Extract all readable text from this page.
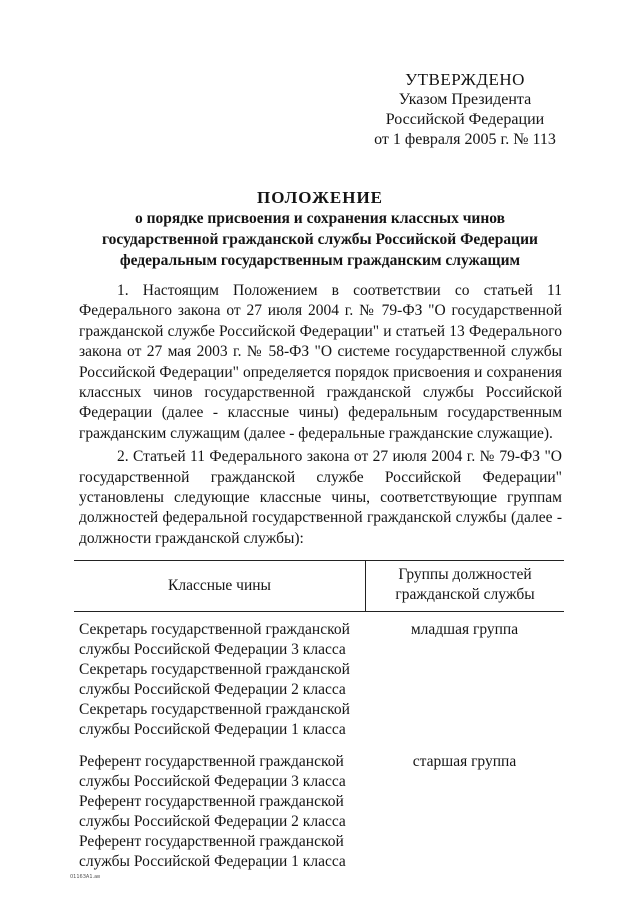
УТВЕРЖДЕНО
Указом Президента
Российской Федерации
от 1 февраля 2005 г. № 113
ПОЛОЖЕНИЕ
о порядке присвоения и сохранения классных чинов
государственной гражданской службы Российской Федерации
федеральным государственным гражданским служащим

1. Настоящим Положением в соответствии со статьей 11 Федерального закона от 27 июля 2004 г. № 79-ФЗ "О государственной гражданской службе Российской Федерации" и статьей 13 Федерального закона от 27 мая 2003 г. № 58-ФЗ "О системе государственной службы Российской Федерации" определяется порядок присвоения и сохранения классных чинов государственной гражданской службы Российской Федерации (далее - классные чины) федеральным государственным гражданским служащим (далее - федеральные гражданские служащие).

2. Статьей 11 Федерального закона от 27 июля 2004 г. № 79-ФЗ "О государственной гражданской службе Российской Федерации" установлены следующие классные чины, соответствующие группам должностей федеральной государственной гражданской службы (далее - должности гражданской службы):

Классные чины
Группы должностей
гражданской службы
Секретарь государственной гражданской
службы Российской Федерации 3 класса
Секретарь государственной гражданской
службы Российской Федерации 2 класса
Секретарь государственной гражданской
службы Российской Федерации 1 класса
младшая группа
Референт государственной гражданской
службы Российской Федерации 3 класса
Референт государственной гражданской
службы Российской Федерации 2 класса
Референт государственной гражданской
службы Российской Федерации 1 класса
старшая группа
0116ЗА1.ав
